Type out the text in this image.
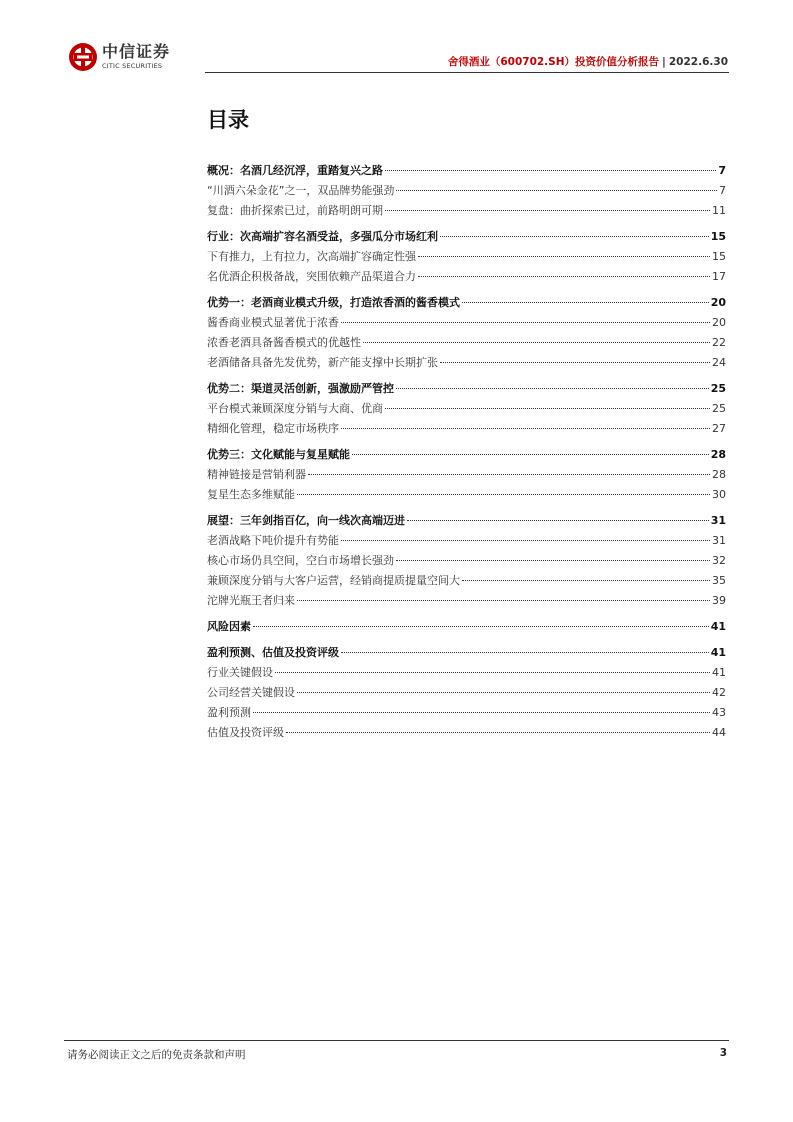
中信证券
CITIC SECURITIES	舍得酒业（600702.SH）投资价值分析报告 | 2022.6.30
目录
概况：名酒几经沉浮，重踏复兴之路	7
“川酒六朵金花”之一，双品牌势能强劲	7
复盘：曲折探索已过，前路明朗可期	11
行业：次高端扩容名酒受益，多强瓜分市场红利	15
下有推力，上有拉力，次高端扩容确定性强	15
名优酒企积极备战，突围依赖产品渠道合力	17
优势一：老酒商业模式升级，打造浓香酒的酱香模式	20
酱香商业模式显著优于浓香	20
浓香老酒具备酱香模式的优越性	22
老酒储备具备先发优势，新产能支撑中长期扩张	24
优势二：渠道灵活创新，强激励严管控	25
平台模式兼顾深度分销与大商、优商	25
精细化管理，稳定市场秩序	27
优势三：文化赋能与复星赋能	28
精神链接是营销利器	28
复星生态多维赋能	30
展望：三年剑指百亿，向一线次高端迈进	31
老酒战略下吨价提升有势能	31
核心市场仍具空间，空白市场增长强劲	32
兼顾深度分销与大客户运营，经销商提质提量空间大	35
沱牌光瓶王者归来	39
风险因素	41
盈利预测、估值及投资评级	41
行业关键假设	41
公司经营关键假设	42
盈利预测	43
估值及投资评级	44
请务必阅读正文之后的免责条款和声明	3
